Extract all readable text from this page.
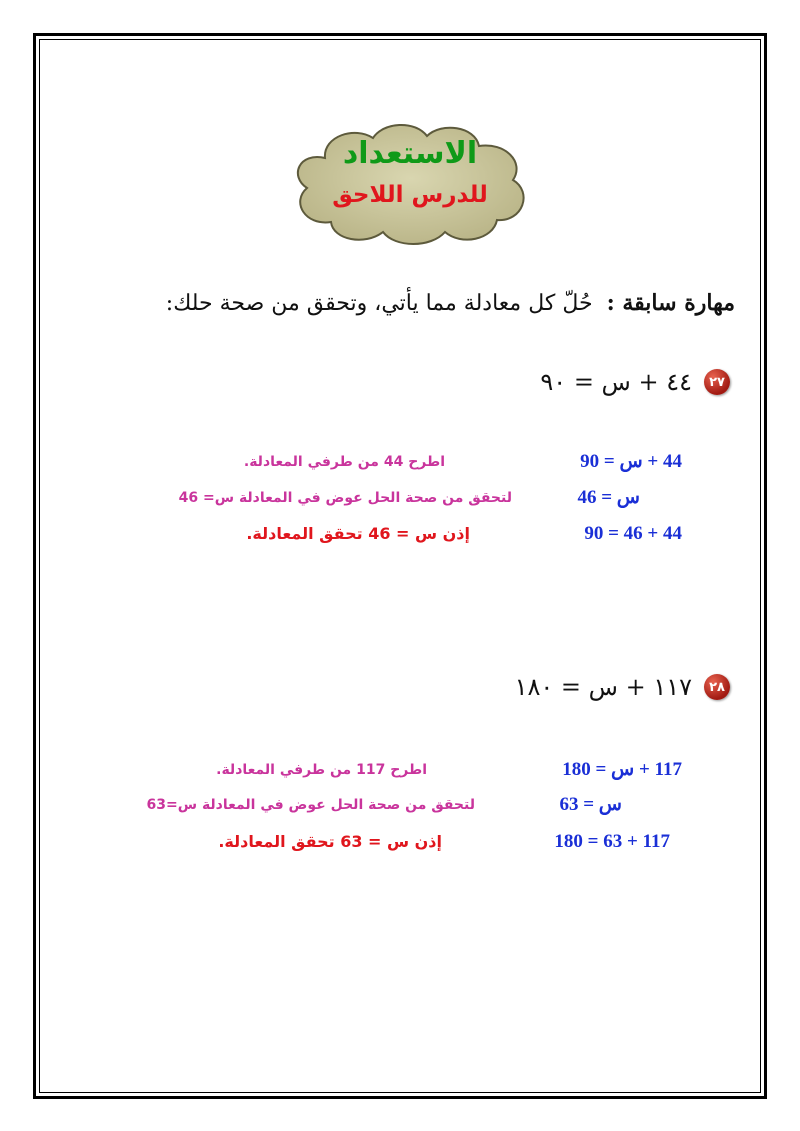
الاستعداد
للدرس اللاحق
مهارة سابقة :حُلّ كل معادلة مما يأتي، وتحقق من صحة حلك:
٢٧
٤٤ + س = ٩٠
44 + س = 90
اطرح 44 من طرفي المعادلة.
س = 46
لتحقق من صحة الحل عوض في المعادلة س= 46
44 + 46 = 90
إذن س = 46 تحقق المعادلة.
٢٨
١١٧ + س = ١٨٠
117 + س = 180
اطرح 117 من طرفي المعادلة.
س = 63
لتحقق من صحة الحل عوض في المعادلة س=63
117 + 63 = 180
إذن س = 63 تحقق المعادلة.
